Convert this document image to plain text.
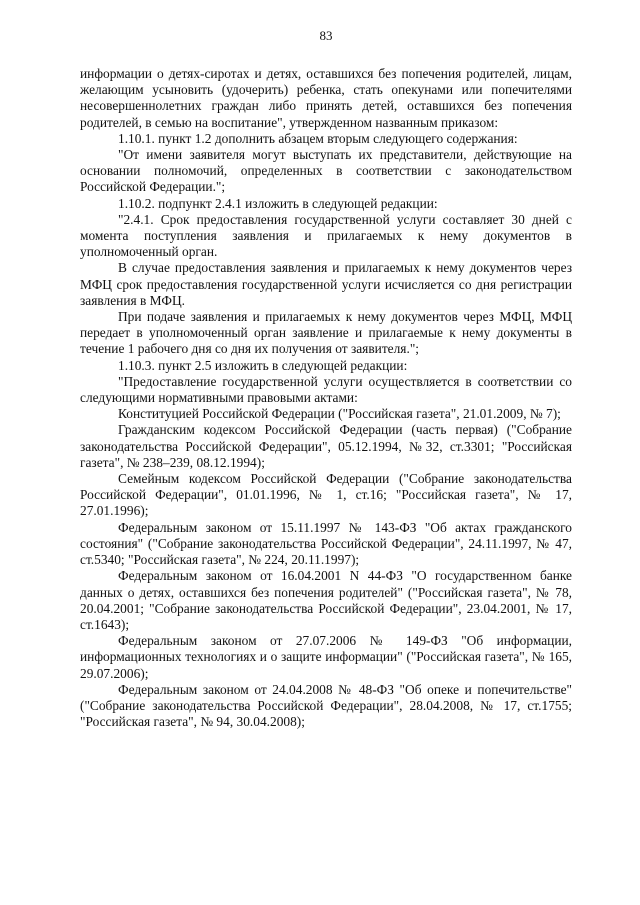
83

информации о детях-сиротах и детях, оставшихся без попечения родителей, лицам, желающим усыновить (удочерить) ребенка, стать опекунами или попечителями несовершеннолетних граждан либо принять детей, оставшихся без попечения родителей, в семью на воспитание", утвержденном названным приказом:

1.10.1. пункт 1.2 дополнить абзацем вторым следующего содержания:

"От имени заявителя могут выступать их представители, действующие на основании полномочий, определенных в соответствии с законодательством Российской Федерации.";

1.10.2. подпункт 2.4.1 изложить в следующей редакции:

"2.4.1. Срок предоставления государственной услуги составляет 30 дней с момента поступления заявления и прилагаемых к нему документов в уполномоченный орган.

В случае предоставления заявления и прилагаемых к нему документов через МФЦ срок предоставления государственной услуги исчисляется со дня регистрации заявления в МФЦ.

При подаче заявления и прилагаемых к нему документов через МФЦ, МФЦ передает в уполномоченный орган заявление и прилагаемые к нему документы в течение 1 рабочего дня со дня их получения от заявителя.";

1.10.3. пункт 2.5 изложить в следующей редакции:

"Предоставление государственной услуги осуществляется в соответствии со следующими нормативными правовыми актами:

Конституцией Российской Федерации ("Российская газета", 21.01.2009, № 7);

Гражданским кодексом Российской Федерации (часть первая) ("Собрание законодательства Российской Федерации", 05.12.1994, №32, ст.3301; "Российская газета", № 238–239, 08.12.1994);

Семейным кодексом Российской Федерации ("Собрание законодательства Российской Федерации", 01.01.1996, № 1, ст.16; "Российская газета", № 17, 27.01.1996);

Федеральным законом от 15.11.1997 № 143-ФЗ "Об актах гражданского состояния" ("Собрание законодательства Российской Федерации", 24.11.1997, № 47, ст.5340; "Российская газета", № 224, 20.11.1997);

Федеральным законом от 16.04.2001 N 44-ФЗ "О государственном банке данных о детях, оставшихся без попечения родителей" ("Российская газета", № 78, 20.04.2001; "Собрание законодательства Российской Федерации", 23.04.2001, № 17, ст.1643);

Федеральным законом от 27.07.2006 № 149-ФЗ "Об информации, информационных технологиях и о защите информации" ("Российская газета", № 165, 29.07.2006);

Федеральным законом от 24.04.2008 № 48-ФЗ "Об опеке и попечительстве" ("Собрание законодательства Российской Федерации", 28.04.2008, № 17, ст.1755; "Российская газета", № 94, 30.04.2008);
